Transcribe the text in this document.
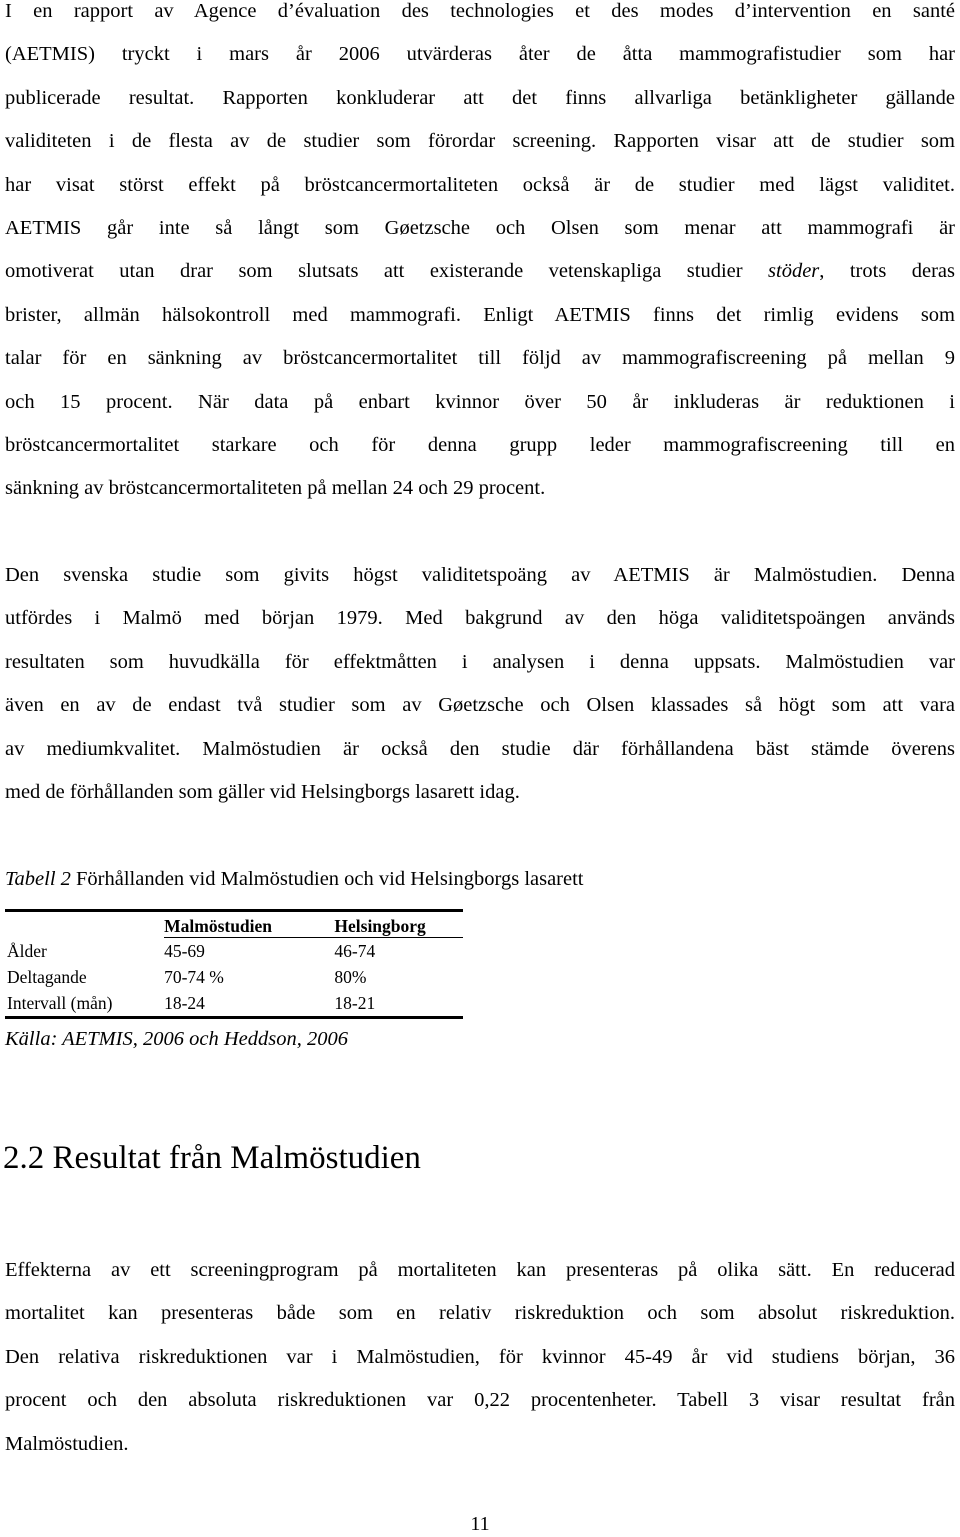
I en rapport av Agence d’évaluation des technologies et des modes d’intervention en santé
(AETMIS) tryckt i mars år 2006 utvärderas åter de åtta mammografistudier som har
publicerade resultat. Rapporten konkluderar att det finns allvarliga betänkligheter gällande
validiteten i de flesta av de studier som förordar screening. Rapporten visar att de studier som
har visat störst effekt på bröstcancermortaliteten också är de studier med lägst validitet.
AETMIS går inte så långt som Gøetzsche och Olsen som menar att mammografi är
omotiverat utan drar som slutsats att existerande vetenskapliga studier stöder, trots deras
brister, allmän hälsokontroll med mammografi. Enligt AETMIS finns det rimlig evidens som
talar för en sänkning av bröstcancermortalitet till följd av mammografiscreening på mellan 9
och 15 procent. När data på enbart kvinnor över 50 år inkluderas är reduktionen i
bröstcancermortalitet starkare och för denna grupp leder mammografiscreening till en
sänkning av bröstcancermortaliteten på mellan 24 och 29 procent.
Den svenska studie som givits högst validitetspoäng av AETMIS är Malmöstudien. Denna
utfördes i Malmö med början 1979. Med bakgrund av den höga validitetspoängen används
resultaten som huvudkälla för effektmåtten i analysen i denna uppsats. Malmöstudien var
även en av de endast två studier som av Gøetzsche och Olsen klassades så högt som att vara
av mediumkvalitet. Malmöstudien är också den studie där förhållandena bäst stämde överens
med de förhållanden som gäller vid Helsingborgs lasarett idag.

Tabell 2 Förhållanden vid Malmöstudien och vid Helsingborgs lasarett

	Malmöstudien	Helsingborg
Ålder	45-69	46-74
Deltagande	70-74 %	80%
Intervall (mån)	18-24	18-21

Källa: AETMIS, 2006 och Heddson, 2006

2.2 Resultat från Malmöstudien
Effekterna av ett screeningprogram på mortaliteten kan presenteras på olika sätt. En reducerad
mortalitet kan presenteras både som en relativ riskreduktion och som absolut riskreduktion.
Den relativa riskreduktionen var i Malmöstudien, för kvinnor 45-49 år vid studiens början, 36
procent och den absoluta riskreduktionen var 0,22 procentenheter. Tabell 3 visar resultat från
Malmöstudien.

11
